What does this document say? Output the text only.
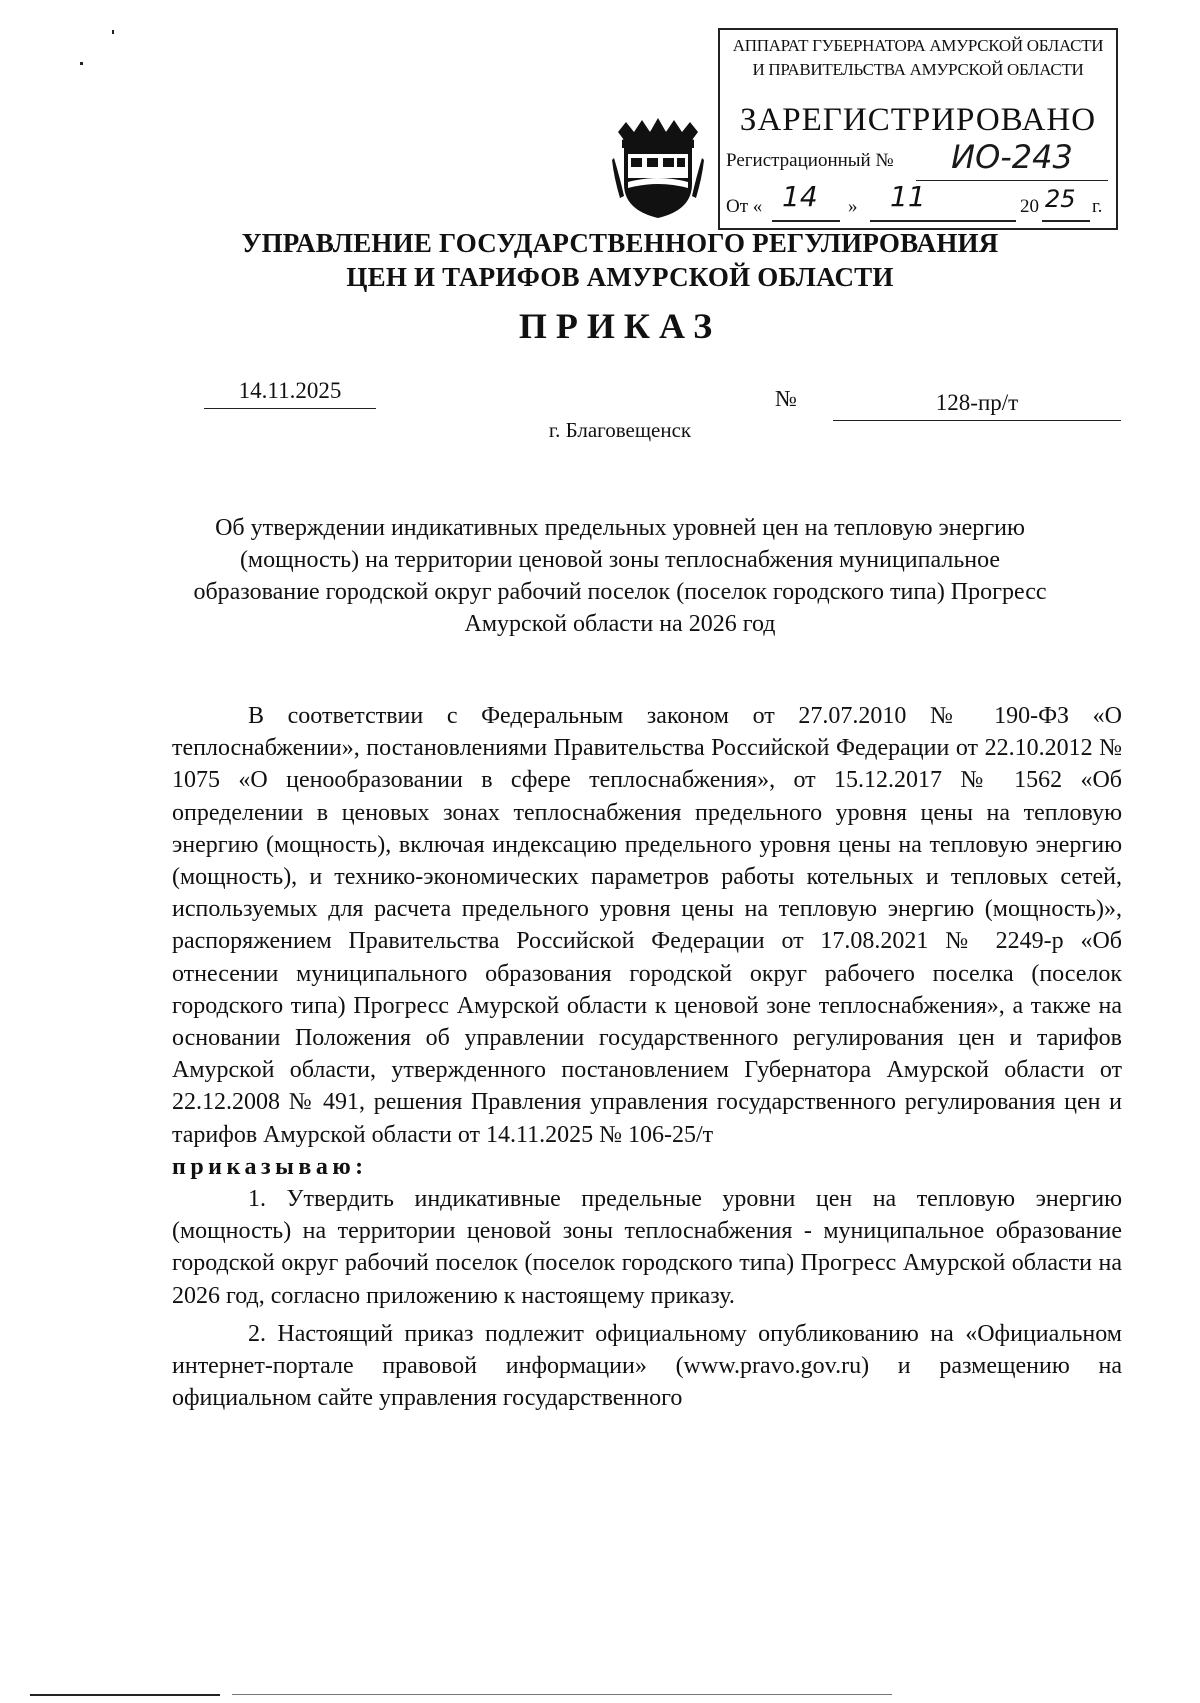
АППАРАТ ГУБЕРНАТОРА АМУРСКОЙ ОБЛАСТИ
И ПРАВИТЕЛЬСТВА АМУРСКОЙ ОБЛАСТИ
ЗАРЕГИСТРИРОВАНО
Регистрационный №	ИО-243
От « 14 » 11	20 25 г.
УПРАВЛЕНИЕ ГОСУДАРСТВЕННОГО РЕГУЛИРОВАНИЯ
ЦЕН И ТАРИФОВ АМУРСКОЙ ОБЛАСТИ
ПРИКАЗ
14.11.2025	№	128-пр/т
г. Благовещенск
Об утверждении индикативных предельных уровней цен на тепловую энергию (мощность) на территории ценовой зоны теплоснабжения муниципальное образование городской округ рабочий поселок (поселок городского типа) Прогресс Амурской области на 2026 год

В соответствии с Федеральным законом от 27.07.2010 № 190-ФЗ «О теплоснабжении», постановлениями Правительства Российской Федерации от 22.10.2012 № 1075 «О ценообразовании в сфере теплоснабжения», от 15.12.2017 № 1562 «Об определении в ценовых зонах теплоснабжения предельного уровня цены на тепловую энергию (мощность), включая индексацию предельного уровня цены на тепловую энергию (мощность), и технико-экономических параметров работы котельных и тепловых сетей, используемых для расчета предельного уровня цены на тепловую энергию (мощность)», распоряжением Правительства Российской Федерации от 17.08.2021 № 2249-р «Об отнесении муниципального образования городской округ рабочего поселка (поселок городского типа) Прогресс Амурской области к ценовой зоне теплоснабжения», а также на основании Положения об управлении государственного регулирования цен и тарифов Амурской области, утвержденного постановлением Губернатора Амурской области от 22.12.2008 № 491, решения Правления управления государственного регулирования цен и тарифов Амурской области от 14.11.2025 № 106-25/т

приказываю:

1. Утвердить индикативные предельные уровни цен на тепловую энергию (мощность) на территории ценовой зоны теплоснабжения - муниципальное образование городской округ рабочий поселок (поселок городского типа) Прогресс Амурской области на 2026 год, согласно приложению к настоящему приказу.

2. Настоящий приказ подлежит официальному опубликованию на «Официальном интернет-портале правовой информации» (www.pravo.gov.ru) и размещению на официальном сайте управления государственного
